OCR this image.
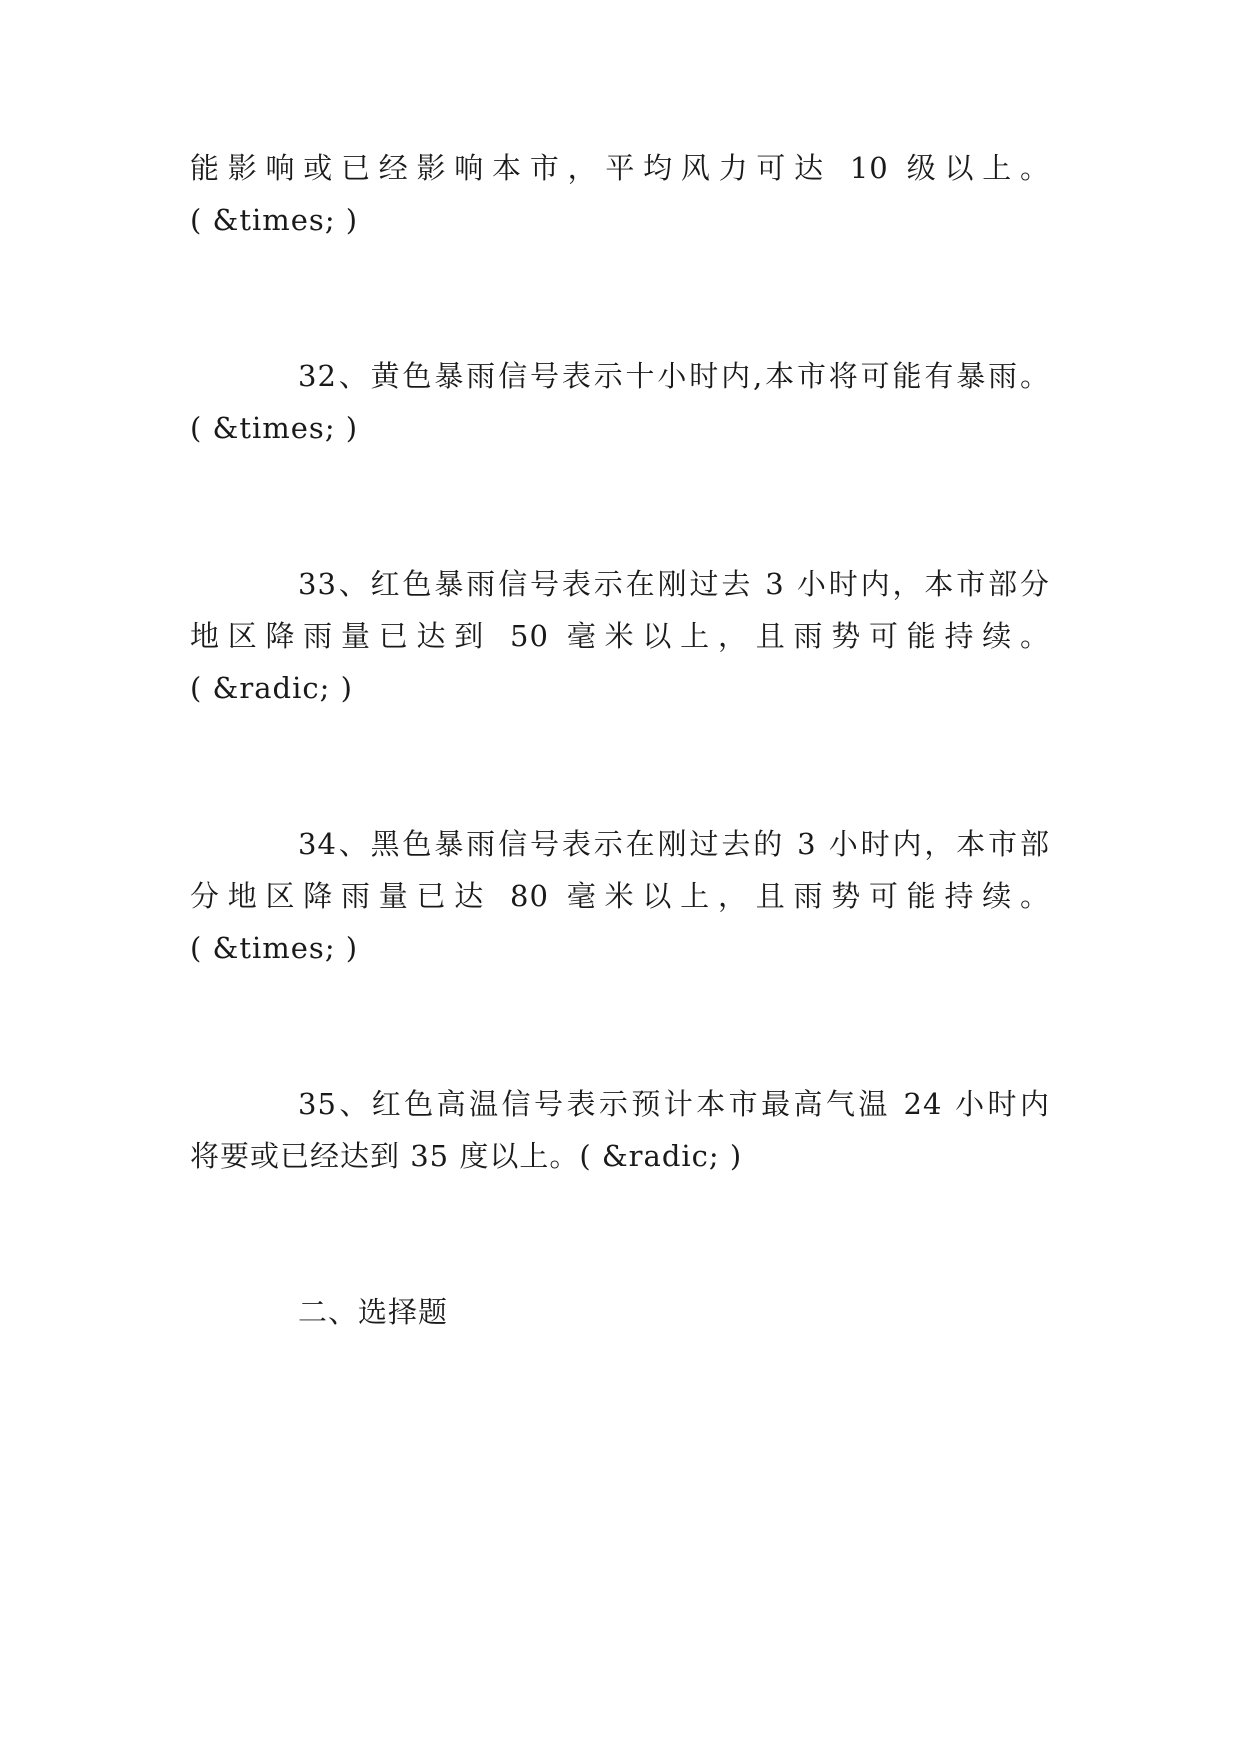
能影响或已经影响本市，平均风力可达 10 级以上。
( &times; )
32、黄色暴雨信号表示十小时内,本市将可能有暴雨。
( &times; )
33、红色暴雨信号表示在刚过去 3 小时内，本市部分
地区降雨量已达到 50 毫米以上，且雨势可能持续。
( &radic; )
34、黑色暴雨信号表示在刚过去的 3 小时内，本市部
分地区降雨量已达 80 毫米以上，且雨势可能持续。
( &times; )
35、红色高温信号表示预计本市最高气温 24 小时内
将要或已经达到 35 度以上。( &radic; )
二、选择题
